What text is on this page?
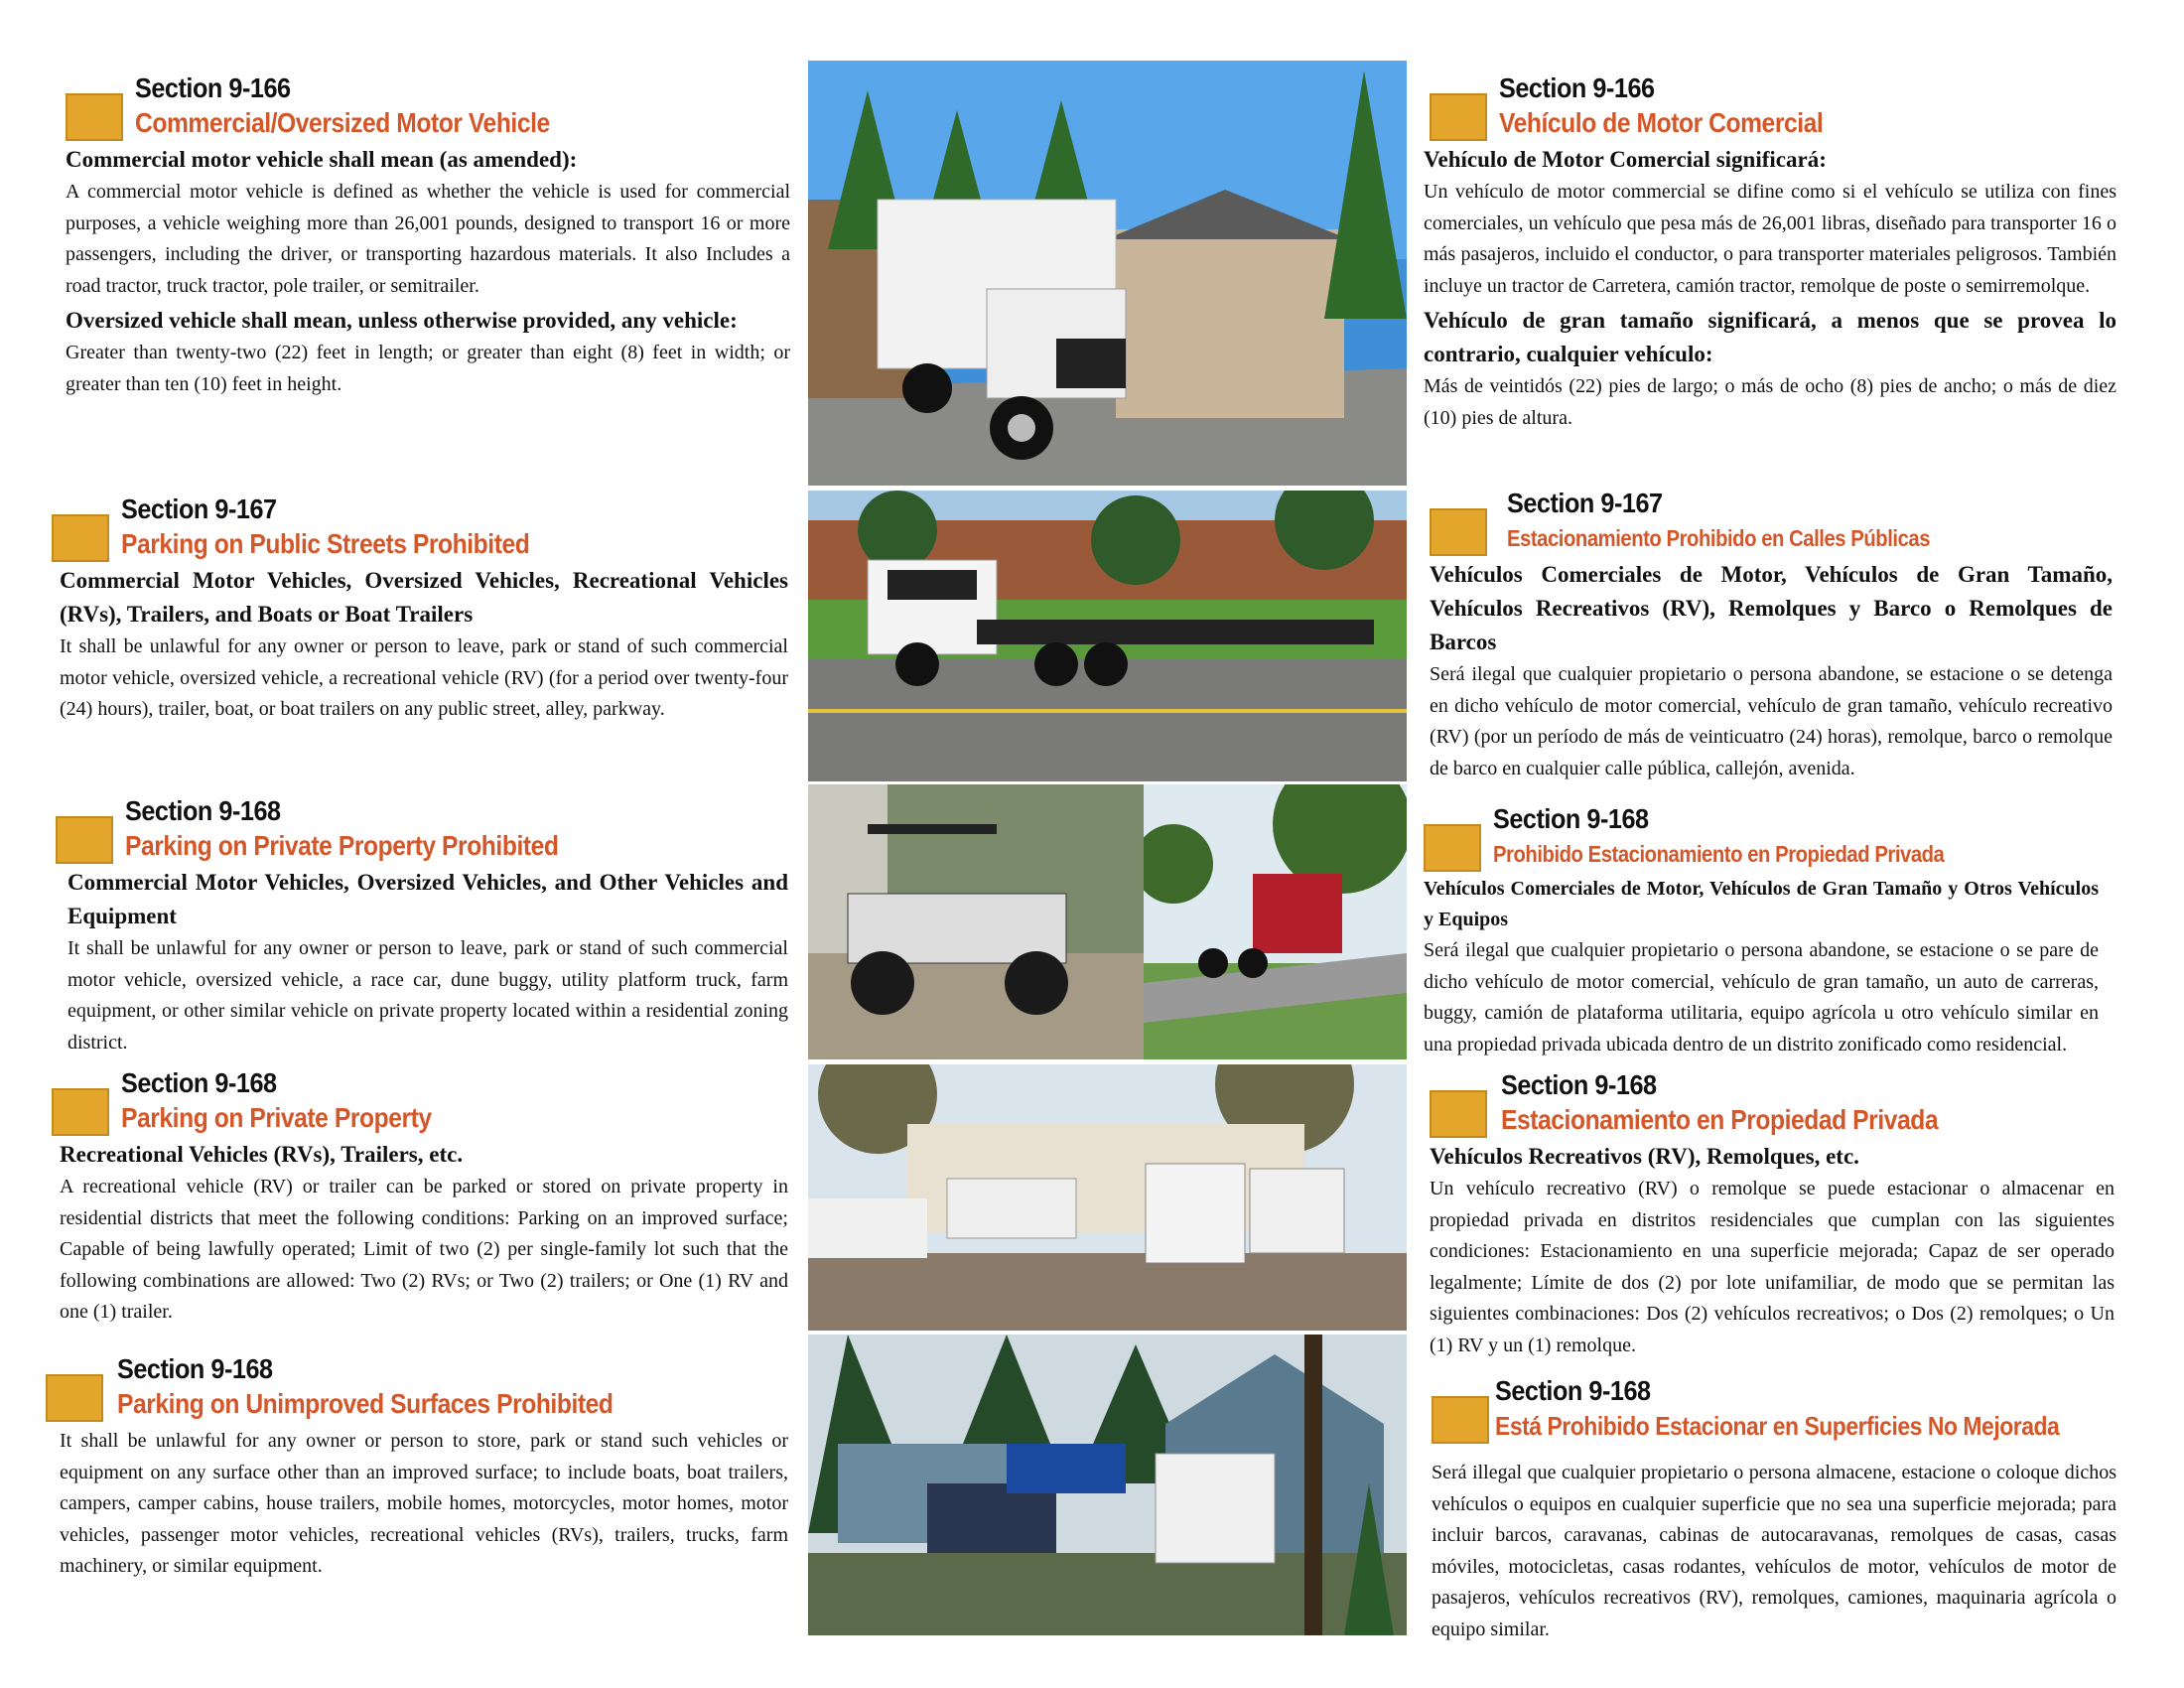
Section 9-166
Commercial/Oversized Motor Vehicle
Commercial motor vehicle shall mean (as amended):
A commercial motor vehicle is defined as whether the vehicle is used for commercial purposes, a vehicle weighing more than 26,001 pounds, designed to transport 16 or more passengers, including the driver, or transporting hazardous materials. It also Includes a road tractor, truck tractor, pole trailer, or semitrailer.
Oversized vehicle shall mean, unless otherwise provided, any vehicle:
Greater than twenty-two (22) feet in length; or greater than eight (8) feet in width; or greater than ten (10) feet in height.
Section 9-167
Parking on Public Streets Prohibited
Commercial Motor Vehicles, Oversized Vehicles, Recreational Vehicles (RVs), Trailers, and Boats or Boat Trailers
It shall be unlawful for any owner or person to leave, park or stand of such commercial motor vehicle, oversized vehicle, a recreational vehicle (RV) (for a period over twenty-four (24) hours), trailer, boat, or boat trailers on any public street, alley, parkway.
Section 9-168
Parking on Private Property Prohibited
Commercial Motor Vehicles, Oversized Vehicles, and Other Vehicles and Equipment
It shall be unlawful for any owner or person to leave, park or stand of such commercial motor vehicle, oversized vehicle, a race car, dune buggy, utility platform truck, farm equipment, or other similar vehicle on private property located within a residential zoning district.
Section 9-168
Parking on Private Property
Recreational Vehicles (RVs), Trailers, etc.
A recreational vehicle (RV) or trailer can be parked or stored on private property in residential districts that meet the following conditions: Parking on an improved surface; Capable of being lawfully operated; Limit of two (2) per single-family lot such that the following combinations are allowed: Two (2) RVs; or Two (2) trailers; or One (1) RV and one (1) trailer.
Section 9-168
Parking on Unimproved Surfaces Prohibited
It shall be unlawful for any owner or person to store, park or stand such vehicles or equipment on any surface other than an improved surface; to include boats, boat trailers, campers, camper cabins, house trailers, mobile homes, motorcycles, motor homes, motor vehicles, passenger motor vehicles, recreational vehicles (RVs), trailers, trucks, farm machinery, or similar equipment.
Section 9-166
Vehículo de Motor Comercial
Vehículo de Motor Comercial significará:
Un vehículo de motor commercial se difine como si el vehículo se utiliza con fines comerciales, un vehículo que pesa más de 26,001 libras, diseñado para transporter 16 o más pasajeros, incluido el conductor, o para transporter materiales peligrosos. También incluye un tractor de Carretera, camión tractor, remolque de poste o semirremolque.
Vehículo de gran tamaño significará, a menos que se provea lo contrario, cualquier vehículo:
Más de veintidós (22) pies de largo; o más de ocho (8) pies de ancho; o más de diez (10) pies de altura.
Section 9-167
Estacionamiento Prohibido en Calles Públicas
Vehículos Comerciales de Motor, Vehículos de Gran Tamaño, Vehículos Recreativos (RV), Remolques y Barco o Remolques de Barcos
Será ilegal que cualquier propietario o persona abandone, se estacione o se detenga en dicho vehículo de motor comercial, vehículo de gran tamaño, vehículo recreativo (RV) (por un período de más de veinticuatro (24) horas), remolque, barco o remolque de barco en cualquier calle pública, callejón, avenida.
Section 9-168
Prohibido Estacionamiento en Propiedad Privada
Vehículos Comerciales de Motor, Vehículos de Gran Tamaño y Otros Vehículos y Equipos
Será ilegal que cualquier propietario o persona abandone, se estacione o se pare de dicho vehículo de motor comercial, vehículo de gran tamaño, un auto de carreras, buggy, camión de plataforma utilitaria, equipo agrícola u otro vehículo similar en una propiedad privada ubicada dentro de un distrito zonificado como residencial.
Section 9-168
Estacionamiento en Propiedad Privada
Vehículos Recreativos (RV), Remolques, etc.
Un vehículo recreativo (RV) o remolque se puede estacionar o almacenar en propiedad privada en distritos residenciales que cumplan con las siguientes condiciones: Estacionamiento en una superficie mejorada; Capaz de ser operado legalmente; Límite de dos (2) por lote unifamiliar, de modo que se permitan las siguientes combinaciones: Dos (2) vehículos recreativos; o Dos (2) remolques; o Un (1) RV y un (1) remolque.
Section 9-168
Está Prohibido Estacionar en Superficies No Mejorada
Será illegal que cualquier propietario o persona almacene, estacione o coloque dichos vehículos o equipos en cualquier superficie que no sea una superficie mejorada; para incluir barcos, caravanas, cabinas de autocaravanas, remolques de casas, casas móviles, motocicletas, casas rodantes, vehículos de motor, vehículos de motor de pasajeros, vehículos recreativos (RV), remolques, camiones, maquinaria agrícola o equipo similar.
